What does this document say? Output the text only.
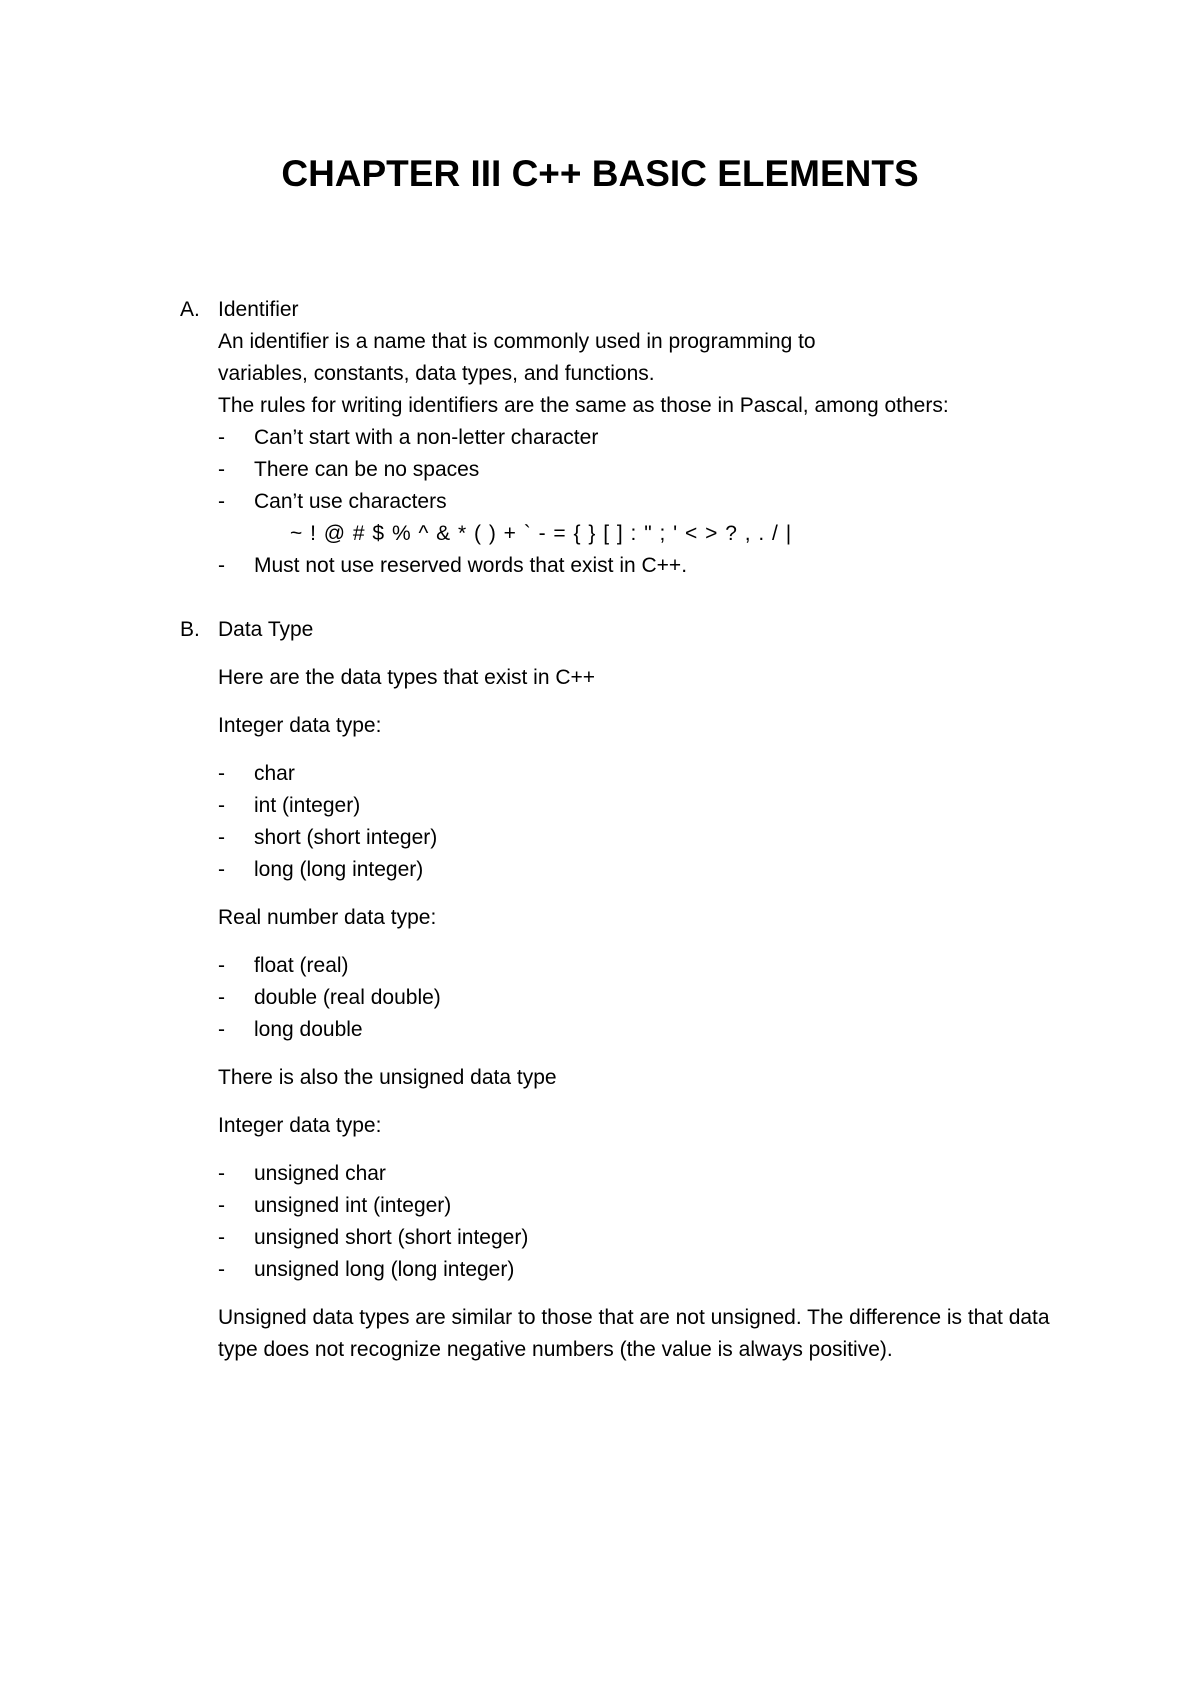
CHAPTER III C++ BASIC ELEMENTS
A. Identifier
An identifier is a name that is commonly used in programming to
variables, constants, data types, and functions.
The rules for writing identifiers are the same as those in Pascal, among others:
-	Can’t start with a non-letter character
-	There can be no spaces
-	Can’t use characters
~ ! @ # $ % ^ & * ( ) + ` - = { } [ ] : " ; ' < > ? , . / |
-	Must not use reserved words that exist in C++.
B. Data Type
Here are the data types that exist in C++
Integer data type:
-	char
-	int (integer)
-	short (short integer)
-	long (long integer)
Real number data type:
-	float (real)
-	double (real double)
-	long double
There is also the unsigned data type
Integer data type:
-	unsigned char
-	unsigned int (integer)
-	unsigned short (short integer)
-	unsigned long (long integer)
Unsigned data types are similar to those that are not unsigned. The difference is that data type does not recognize negative numbers (the value is always positive).
